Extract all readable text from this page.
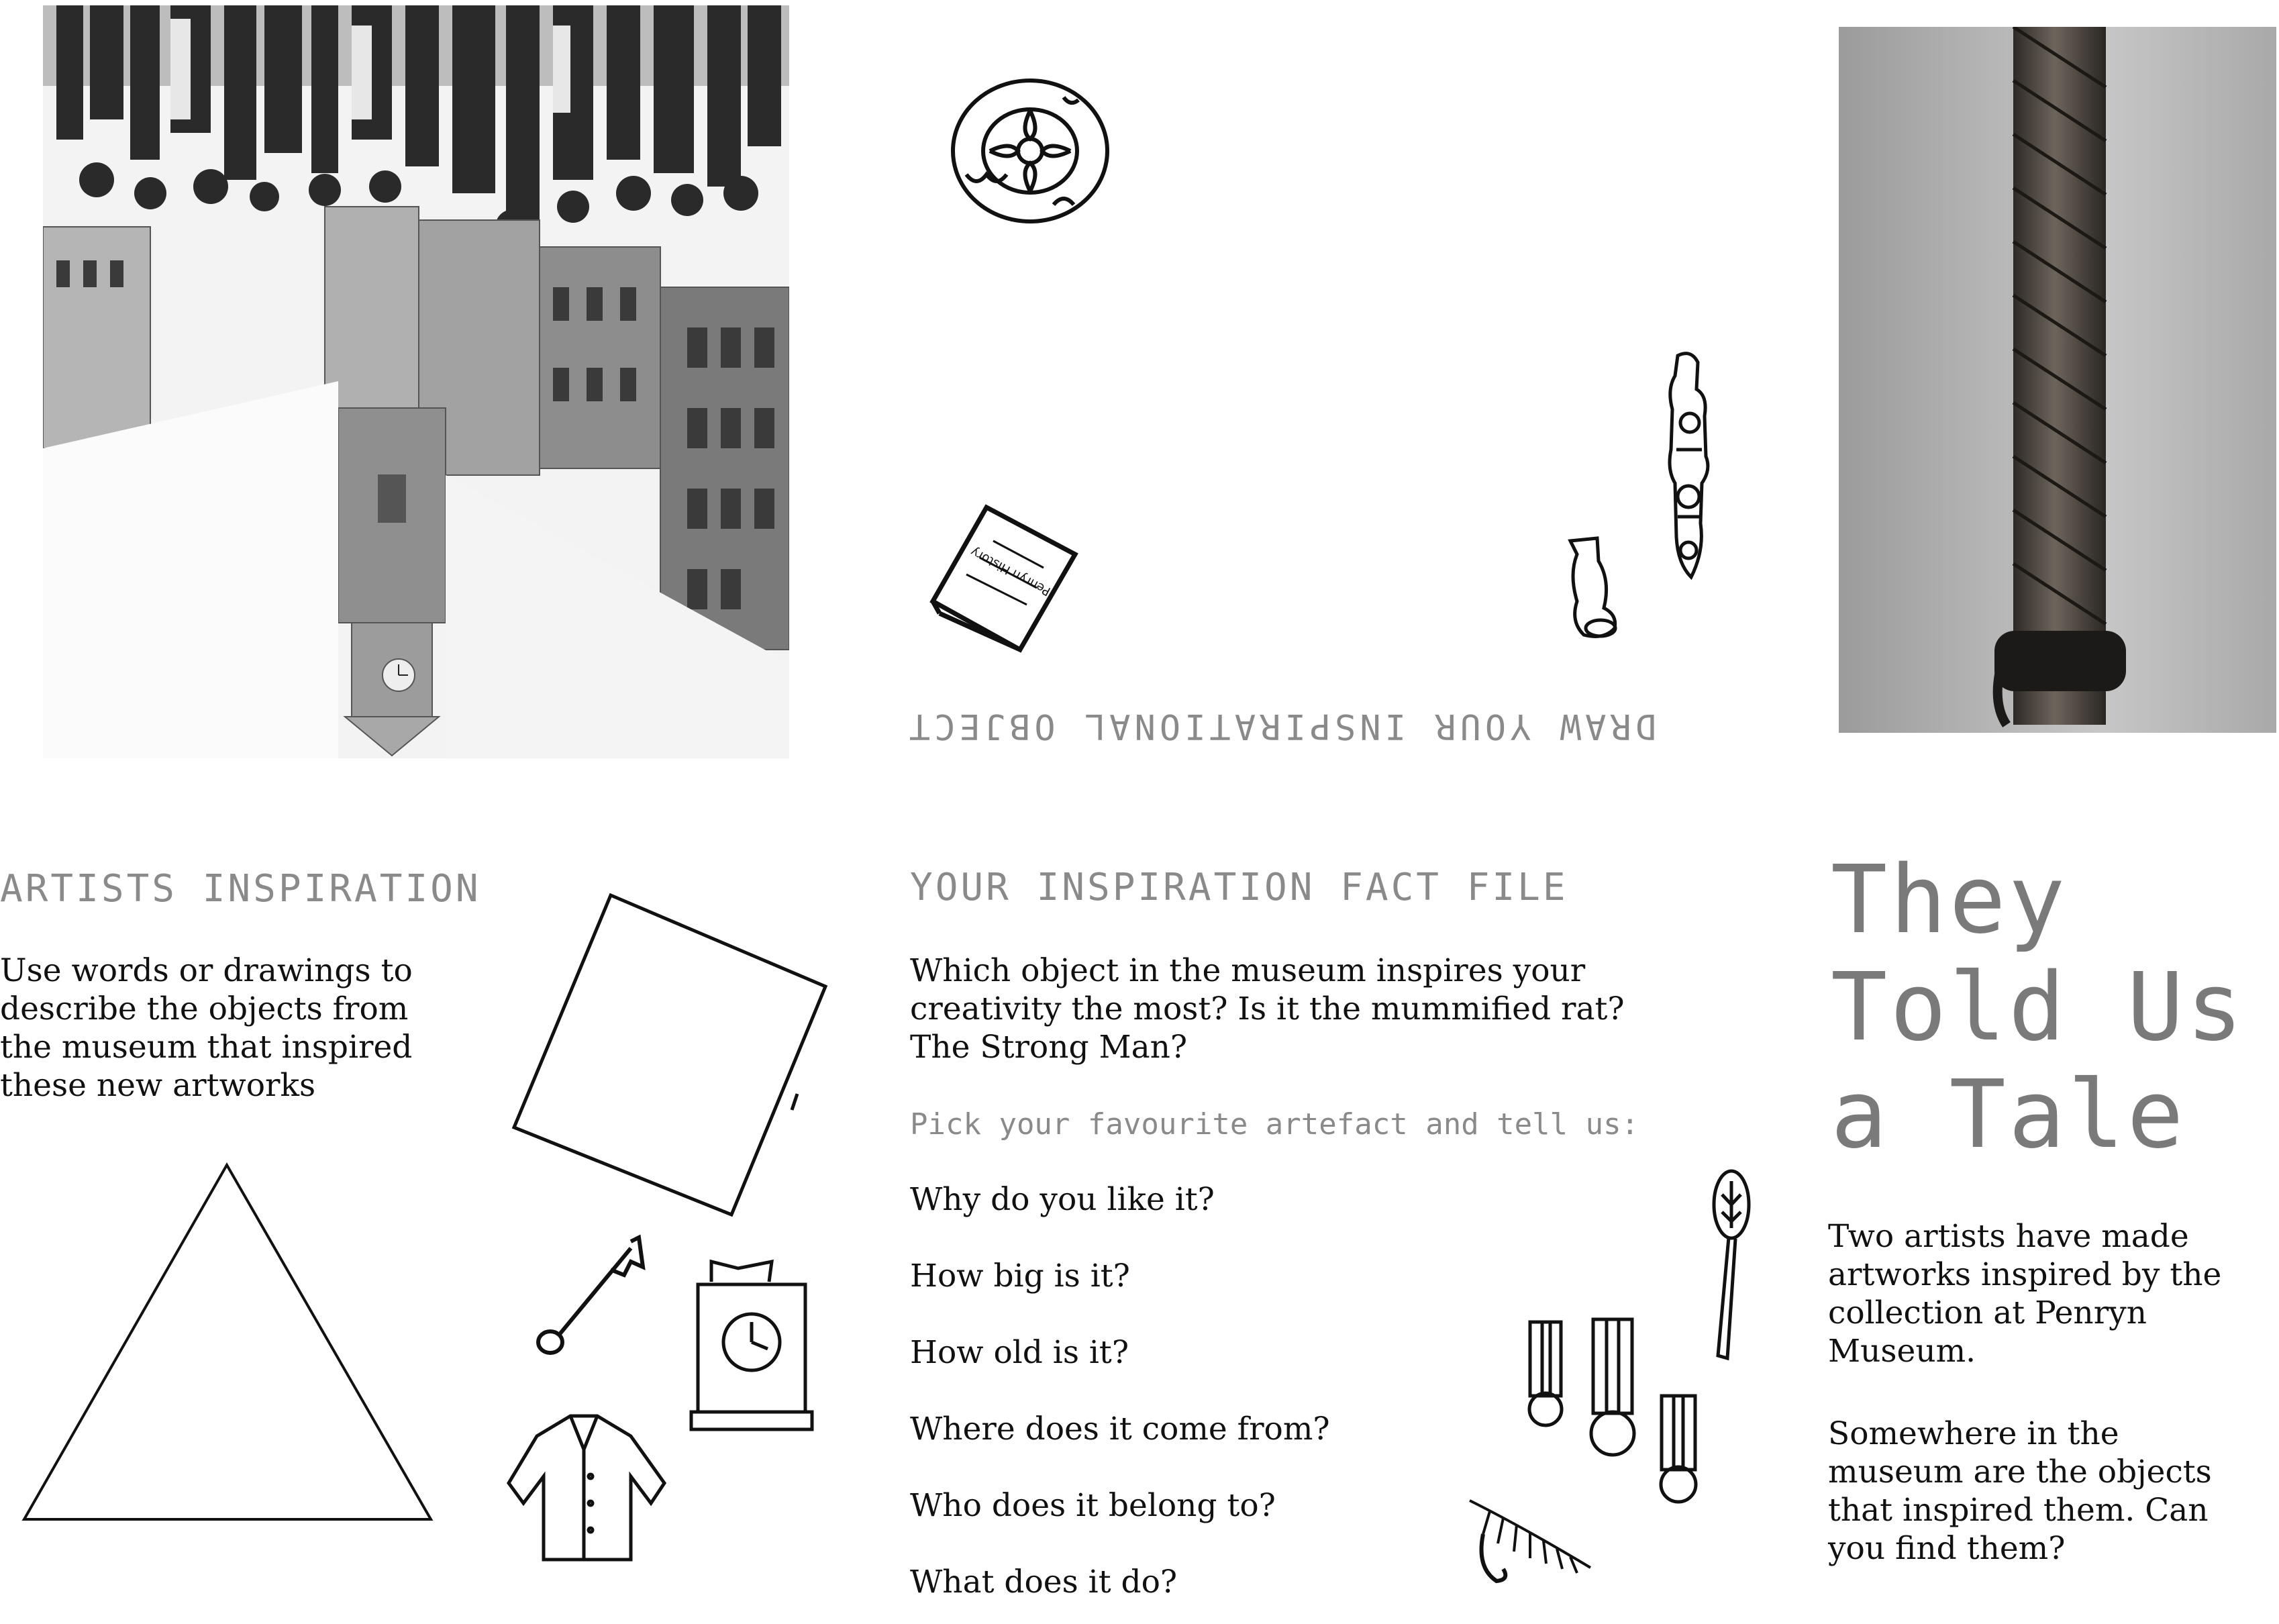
Penryn History
DRAW YOUR INSPIRATIONAL OBJECT
ARTISTS INSPIRATION
Use words or drawings to describe the objects from the museum that inspired these new artworks
YOUR INSPIRATION FACT FILE
Which object in the museum inspires your creativity the most? Is it the mummified rat? The Strong Man?
Pick your favourite artefact and tell us:
Why do you like it?
How big is it?
How old is it?
Where does it come from?
Who does it belong to?
What does it do?
They
Told Us
a Tale
Two artists have made artworks inspired by the collection at Penryn Museum.
Somewhere in the museum are the objects that inspired them. Can you find them?
